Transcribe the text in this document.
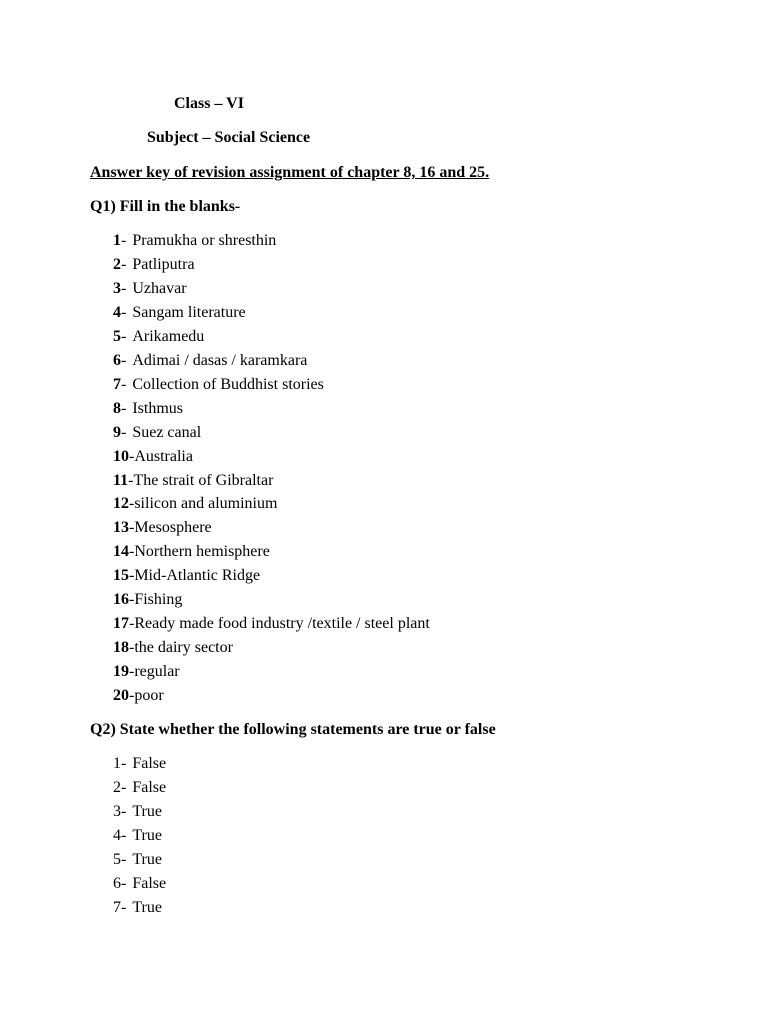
Class – VI
Subject – Social Science
Answer key of revision assignment of chapter 8, 16 and 25.
Q1) Fill in the blanks-
1- Pramukha or shresthin
2- Patliputra
3- Uzhavar
4- Sangam literature
5- Arikamedu
6- Adimai / dasas / karamkara
7- Collection of Buddhist stories
8- Isthmus
9- Suez canal
10-Australia
11-The strait of Gibraltar
12-silicon and aluminium
13-Mesosphere
14-Northern hemisphere
15-Mid-Atlantic Ridge
16-Fishing
17-Ready made food industry /textile / steel plant
18-the dairy sector
19-regular
20-poor
Q2) State whether the following statements are true or false
1- False
2- False
3- True
4- True
5- True
6- False
7- True
